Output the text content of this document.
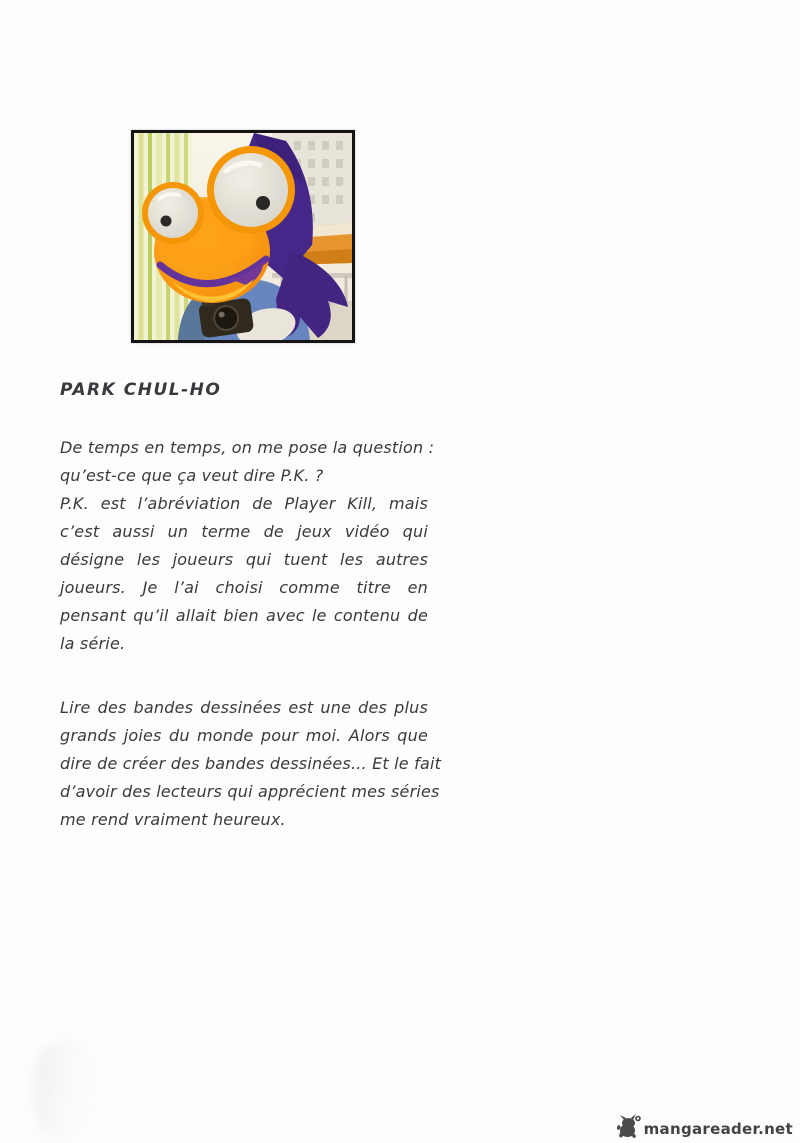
PARK CHUL-HO
De temps en temps, on me pose la question :
qu’est-ce que ça veut dire P.K. ?
P.K. est l’abréviation de Player Kill, mais
c’est aussi un terme de jeux vidéo qui
désigne les joueurs qui tuent les autres
joueurs. Je l’ai choisi comme titre en
pensant qu’il allait bien avec le contenu de
la série.
Lire des bandes dessinées est une des plus
grands joies du monde pour moi. Alors que
dire de créer des bandes dessinées... Et le fait
d’avoir des lecteurs qui apprécient mes séries
me rend vraiment heureux.
mangareader.net
